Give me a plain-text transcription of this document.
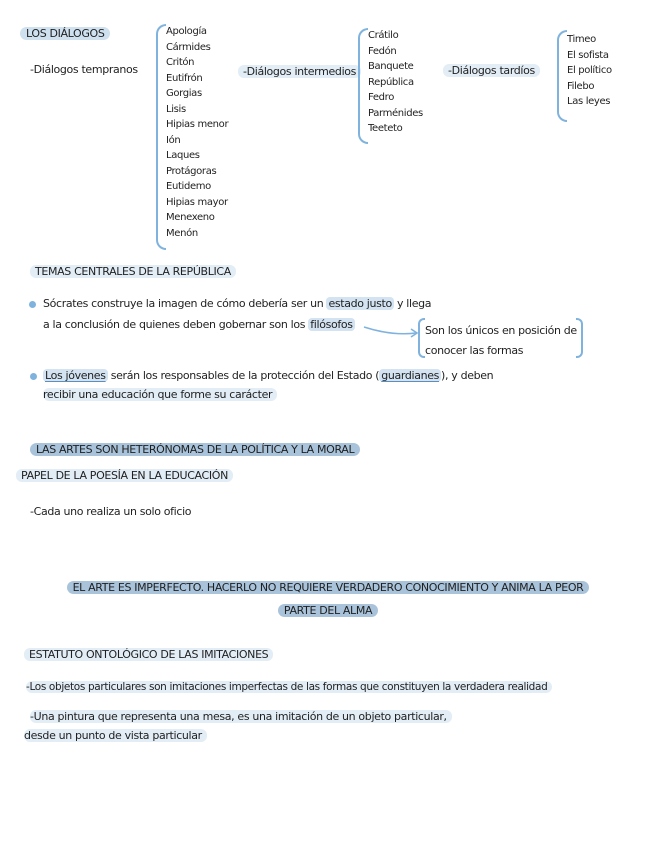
LOS DIÁLOGOS
-Diálogos tempranos
Apología
Cármides
Critón
Eutifrón
Gorgias
Lisis
Hipias menor
Ión
Laques
Protágoras
Eutidemo
Hipias mayor
Menexeno
Menón
-Diálogos intermedios
Crátilo
Fedón
Banquete
República
Fedro
Parménides
Teeteto
-Diálogos tardíos
Timeo
El sofista
El político
Filebo
Las leyes
TEMAS CENTRALES DE LA REPÚBLICA
Sócrates construye la imagen de cómo debería ser un estado justo y llega
a la conclusión de quienes deben gobernar son los filósofos	Son los únicos en posición de
conocer las formas
Los jóvenes serán los responsables de la protección del Estado ( guardianes ), y deben
recibir una educación que forme su carácter
LAS ARTES SON HETERÓNOMAS DE LA POLÍTICA Y LA MORAL
PAPEL DE LA POESÍA EN LA EDUCACIÓN
-Cada uno realiza un solo oficio
EL ARTE ES IMPERFECTO. HACERLO NO REQUIERE VERDADERO CONOCIMIENTO Y ANIMA LA PEOR
PARTE DEL ALMA
ESTATUTO ONTOLÓGICO DE LAS IMITACIONES
-Los objetos particulares son imitaciones imperfectas de las formas que constituyen la verdadera realidad
-Una pintura que representa una mesa, es una imitación de un objeto particular,
desde un punto de vista particular
